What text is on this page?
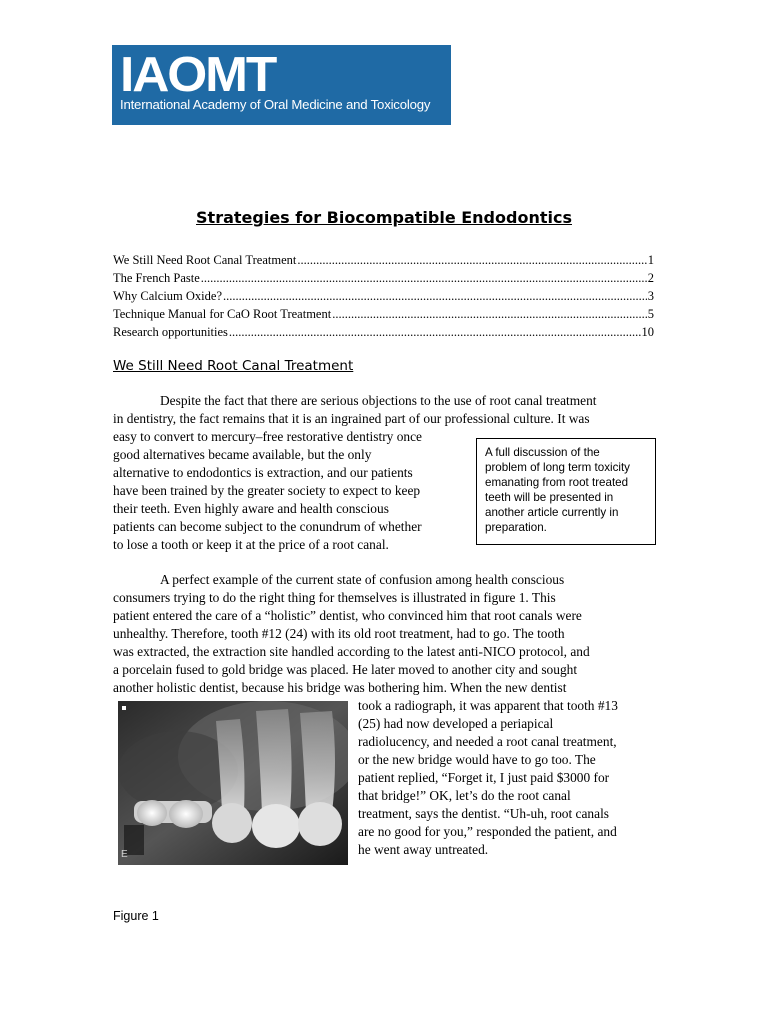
IAOMT
International Academy of Oral Medicine and Toxicology
Strategies for Biocompatible Endodontics
We Still Need Root Canal Treatment .....	1
The French Paste .....	2
Why Calcium Oxide? .....	3
Technique Manual for CaO Root Treatment .....	5
Research opportunities .....	10
We Still Need Root Canal Treatment
Despite the fact that there are serious objections to the use of root canal treatment
in dentistry, the fact remains that it is an ingrained part of our professional culture. It was
easy to convert to mercury–free restorative dentistry once
good alternatives became available, but the only
alternative to endodontics is extraction, and our patients
have been trained by the greater society to expect to keep
their teeth. Even highly aware and health conscious
patients can become subject to the conundrum of whether
to lose a tooth or keep it at the price of a root canal.
A full discussion of the
problem of long term toxicity
emanating from root treated
teeth will be presented in
another article currently in
preparation.
A perfect example of the current state of confusion among health conscious
consumers trying to do the right thing for themselves is illustrated in figure 1. This
patient entered the care of a “holistic” dentist, who convinced him that root canals were
unhealthy. Therefore, tooth #12 (24) with its old root treatment, had to go. The tooth
was extracted, the extraction site handled according to the latest anti-NICO protocol, and
a porcelain fused to gold bridge was placed. He later moved to another city and sought
another holistic dentist, because his bridge was bothering him. When the new dentist
took a radiograph, it was apparent that tooth #13
(25) had now developed a periapical
radiolucency, and needed a root canal treatment,
or the new bridge would have to go too. The
patient replied, “Forget it, I just paid $3000 for
that bridge!” OK, let’s do the root canal
treatment, says the dentist. “Uh-uh, root canals
are no good for you,” responded the patient, and
he went away untreated.
E
Figure 1
